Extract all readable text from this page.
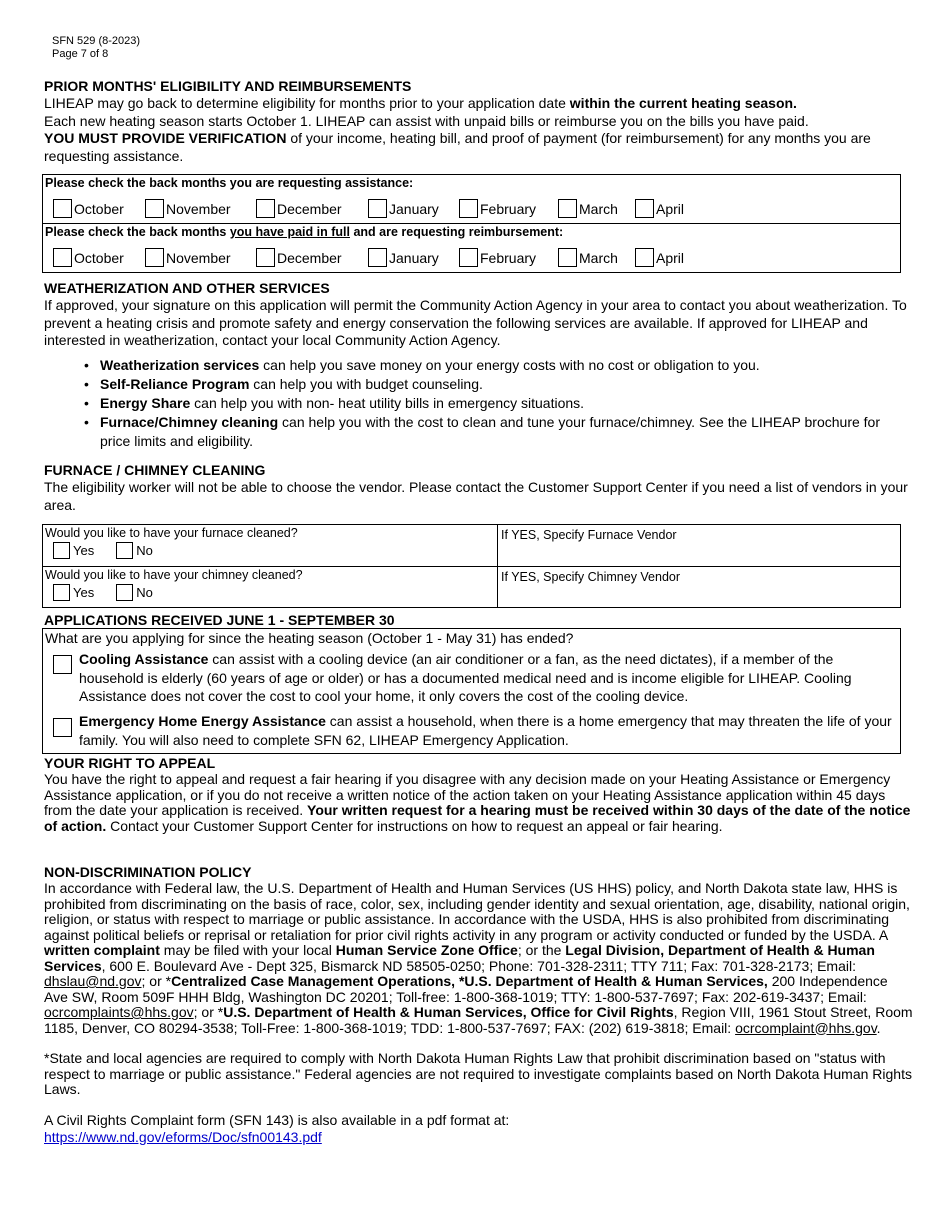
SFN 529 (8-2023)
Page 7 of 8
PRIOR MONTHS' ELIGIBILITY AND REIMBURSEMENTS
LIHEAP may go back to determine eligibility for months prior to your application date within the current heating season.
Each new heating season starts October 1. LIHEAP can assist with unpaid bills or reimburse you on the bills you have paid.
YOU MUST PROVIDE VERIFICATION of your income, heating bill, and proof of payment (for reimbursement) for any months you are requesting assistance.
Please check the back months you are requesting assistance:
October	November	December	January	February	March	April
Please check the back months you have paid in full and are requesting reimbursement:
October	November	December	January	February	March	April
WEATHERIZATION AND OTHER SERVICES
If approved, your signature on this application will permit the Community Action Agency in your area to contact you about weatherization. To prevent a heating crisis and promote safety and energy conservation the following services are available. If approved for LIHEAP and interested in weatherization, contact your local Community Action Agency.
• Weatherization services can help you save money on your energy costs with no cost or obligation to you.
• Self-Reliance Program can help you with budget counseling.
• Energy Share can help you with non- heat utility bills in emergency situations.
• Furnace/Chimney cleaning can help you with the cost to clean and tune your furnace/chimney. See the LIHEAP brochure for price limits and eligibility.
FURNACE / CHIMNEY CLEANING
The eligibility worker will not be able to choose the vendor. Please contact the Customer Support Center if you need a list of vendors in your area.
Would you like to have your furnace cleaned?
Yes	No
If YES, Specify Furnace Vendor
Would you like to have your chimney cleaned?
Yes	No
If YES, Specify Chimney Vendor
APPLICATIONS RECEIVED JUNE 1 - SEPTEMBER 30
What are you applying for since the heating season (October 1 - May 31) has ended?
Cooling Assistance can assist with a cooling device (an air conditioner or a fan, as the need dictates), if a member of the household is elderly (60 years of age or older) or has a documented medical need and is income eligible for LIHEAP. Cooling Assistance does not cover the cost to cool your home, it only covers the cost of the cooling device.
Emergency Home Energy Assistance can assist a household, when there is a home emergency that may threaten the life of your family. You will also need to complete SFN 62, LIHEAP Emergency Application.
YOUR RIGHT TO APPEAL
You have the right to appeal and request a fair hearing if you disagree with any decision made on your Heating Assistance or Emergency Assistance application, or if you do not receive a written notice of the action taken on your Heating Assistance application within 45 days from the date your application is received. Your written request for a hearing must be received within 30 days of the date of the notice of action. Contact your Customer Support Center for instructions on how to request an appeal or fair hearing.
NON-DISCRIMINATION POLICY
In accordance with Federal law, the U.S. Department of Health and Human Services (US HHS) policy, and North Dakota state law, HHS is prohibited from discriminating on the basis of race, color, sex, including gender identity and sexual orientation, age, disability, national origin, religion, or status with respect to marriage or public assistance. In accordance with the USDA, HHS is also prohibited from discriminating against political beliefs or reprisal or retaliation for prior civil rights activity in any program or activity conducted or funded by the USDA. A written complaint may be filed with your local Human Service Zone Office; or the Legal Division, Department of Health & Human Services, 600 E. Boulevard Ave - Dept 325, Bismarck ND 58505-0250; Phone: 701-328-2311; TTY 711; Fax: 701-328-2173; Email: dhslau@nd.gov; or *Centralized Case Management Operations, *U.S. Department of Health & Human Services, 200 Independence Ave SW, Room 509F HHH Bldg, Washington DC 20201; Toll-free: 1-800-368-1019; TTY: 1-800-537-7697; Fax: 202-619-3437; Email: ocrcomplaints@hhs.gov; or *U.S. Department of Health & Human Services, Office for Civil Rights, Region VIII, 1961 Stout Street, Room 1185, Denver, CO 80294-3538; Toll-Free: 1-800-368-1019; TDD: 1-800-537-7697; FAX: (202) 619-3818; Email: ocrcomplaint@hhs.gov.
*State and local agencies are required to comply with North Dakota Human Rights Law that prohibit discrimination based on "status with respect to marriage or public assistance." Federal agencies are not required to investigate complaints based on North Dakota Human Rights Laws.
A Civil Rights Complaint form (SFN 143) is also available in a pdf format at:
https://www.nd.gov/eforms/Doc/sfn00143.pdf
